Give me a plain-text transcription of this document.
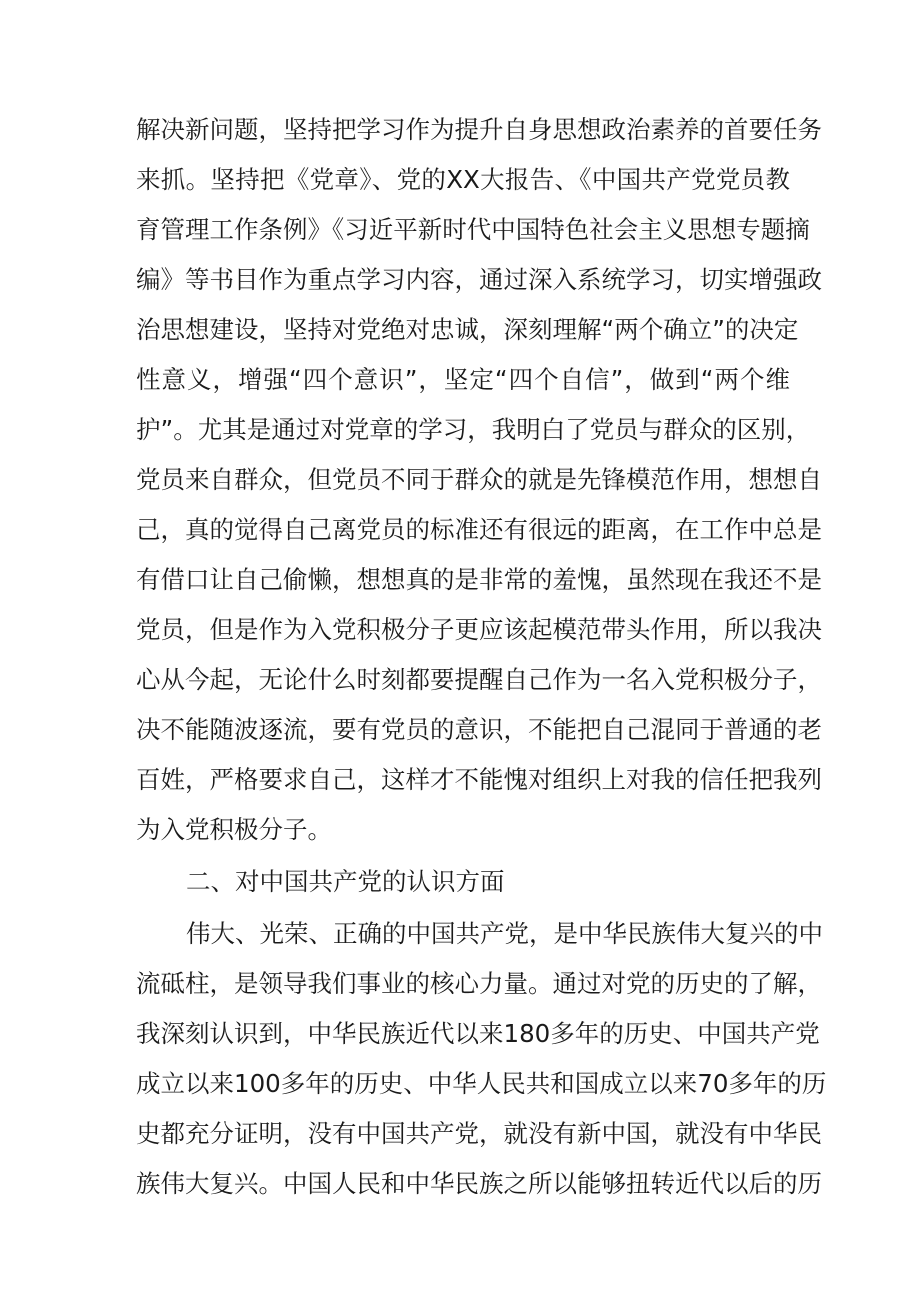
解决新问题，坚持把学习作为提升自身思想政治素养的首要任务
来抓。坚持把《党章》、党的XX大报告、《中国共产党党员教
育管理工作条例》《习近平新时代中国特色社会主义思想专题摘
编》等书目作为重点学习内容，通过深入系统学习，切实增强政
治思想建设，坚持对党绝对忠诚，深刻理解“两个确立”的决定
性意义，增强“四个意识”，坚定“四个自信”，做到“两个维
护”。尤其是通过对党章的学习，我明白了党员与群众的区别，
党员来自群众，但党员不同于群众的就是先锋模范作用，想想自
己，真的觉得自己离党员的标准还有很远的距离，在工作中总是
有借口让自己偷懒，想想真的是非常的羞愧，虽然现在我还不是
党员，但是作为入党积极分子更应该起模范带头作用，所以我决
心从今起，无论什么时刻都要提醒自己作为一名入党积极分子，
决不能随波逐流，要有党员的意识，不能把自己混同于普通的老
百姓，严格要求自己，这样才不能愧对组织上对我的信任把我列
为入党积极分子。
二、对中国共产党的认识方面
伟大、光荣、正确的中国共产党，是中华民族伟大复兴的中
流砥柱，是领导我们事业的核心力量。通过对党的历史的了解，
我深刻认识到，中华民族近代以来180多年的历史、中国共产党
成立以来100多年的历史、中华人民共和国成立以来70多年的历
史都充分证明，没有中国共产党，就没有新中国，就没有中华民
族伟大复兴。中国人民和中华民族之所以能够扭转近代以后的历
